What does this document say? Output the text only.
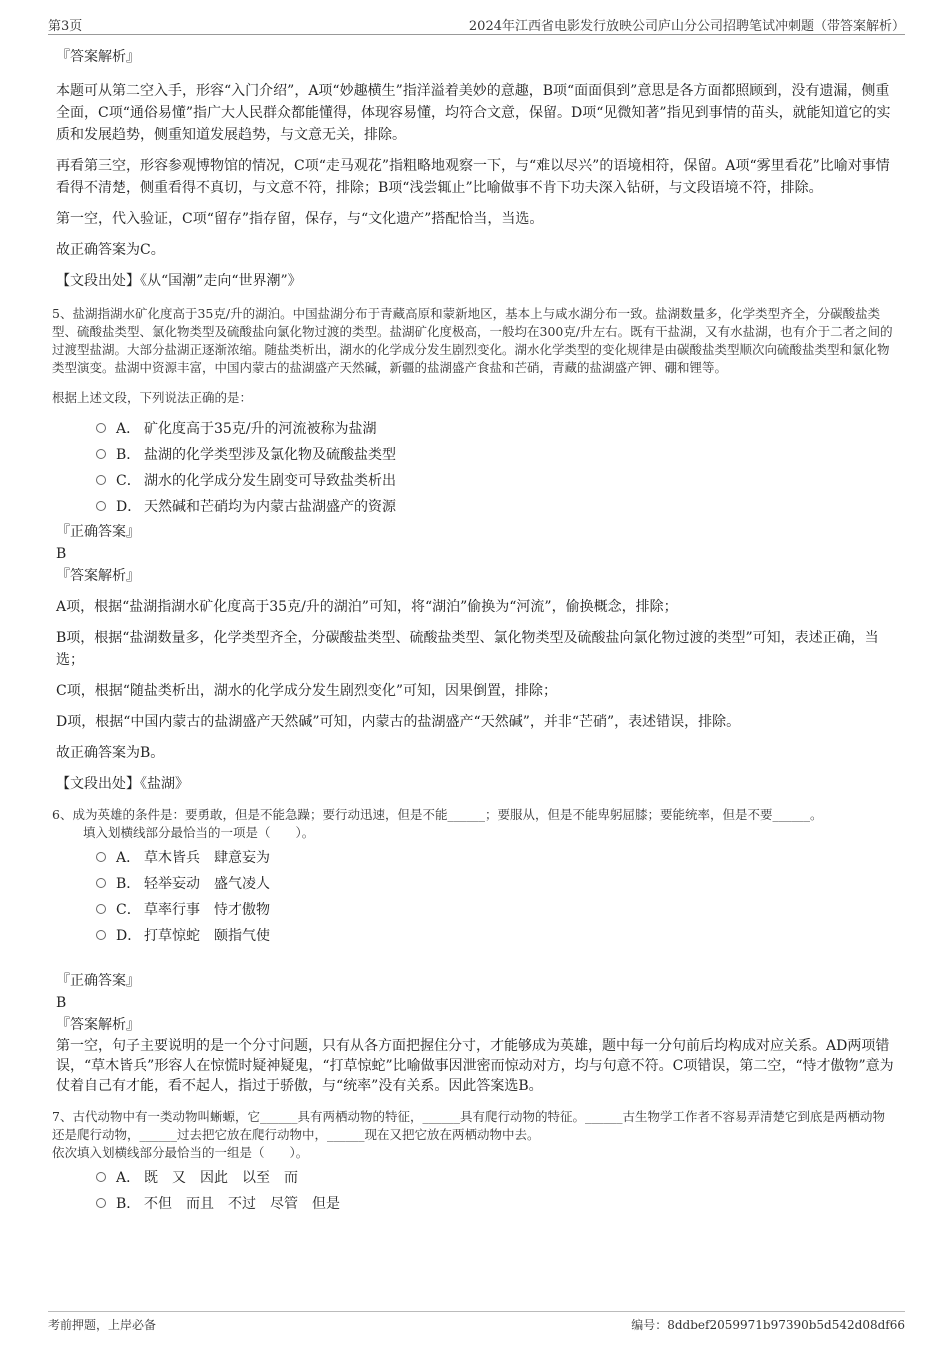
第3页	2024年江西省电影发行放映公司庐山分公司招聘笔试冲刺题（带答案解析）

『答案解析』

本题可从第二空入手，形容“入门介绍”，A项“妙趣横生”指洋溢着美妙的意趣，B项“面面俱到”意思是各方面都照顾到，没有遗漏，侧重全面，C项“通俗易懂”指广大人民群众都能懂得，体现容易懂，均符合文意，保留。D项“见微知著”指见到事情的苗头，就能知道它的实质和发展趋势，侧重知道发展趋势，与文意无关，排除。

再看第三空，形容参观博物馆的情况，C项“走马观花”指粗略地观察一下，与“难以尽兴”的语境相符，保留。A项“雾里看花”比喻对事情看得不清楚，侧重看得不真切，与文意不符，排除；B项“浅尝辄止”比喻做事不肯下功夫深入钻研，与文段语境不符，排除。

第一空，代入验证，C项“留存”指存留，保存，与“文化遗产”搭配恰当，当选。

故正确答案为C。

【文段出处】《从“国潮”走向“世界潮”》

5、盐湖指湖水矿化度高于35克/升的湖泊。中国盐湖分布于青藏高原和蒙新地区，基本上与咸水湖分布一致。盐湖数量多，化学类型齐全，分碳酸盐类型、硫酸盐类型、氯化物类型及硫酸盐向氯化物过渡的类型。盐湖矿化度极高，一般均在300克/升左右。既有干盐湖，又有水盐湖，也有介于二者之间的过渡型盐湖。大部分盐湖正逐渐浓缩。随盐类析出，湖水的化学成分发生剧烈变化。湖水化学类型的变化规律是由碳酸盐类型顺次向硫酸盐类型和氯化物类型演变。盐湖中资源丰富，中国内蒙古的盐湖盛产天然碱，新疆的盐湖盛产食盐和芒硝，青藏的盐湖盛产钾、硼和锂等。

根据上述文段，下列说法正确的是：

A． 矿化度高于35克/升的河流被称为盐湖
B． 盐湖的化学类型涉及氯化物及硫酸盐类型
C． 湖水的化学成分发生剧变可导致盐类析出
D． 天然碱和芒硝均为内蒙古盐湖盛产的资源

『正确答案』

B

『答案解析』

A项，根据“盐湖指湖水矿化度高于35克/升的湖泊”可知，将“湖泊”偷换为“河流”，偷换概念，排除；

B项，根据“盐湖数量多，化学类型齐全，分碳酸盐类型、硫酸盐类型、氯化物类型及硫酸盐向氯化物过渡的类型”可知，表述正确，当选；

C项，根据“随盐类析出，湖水的化学成分发生剧烈变化”可知，因果倒置，排除；

D项，根据“中国内蒙古的盐湖盛产天然碱”可知，内蒙古的盐湖盛产“天然碱”，并非“芒硝”，表述错误，排除。

故正确答案为B。

【文段出处】《盐湖》

6、成为英雄的条件是：要勇敢，但是不能急躁；要行动迅速，但是不能______；要服从，但是不能卑躬屈膝；要能统率，但是不要______。

填入划横线部分最恰当的一项是（　　）。

A． 草木皆兵　肆意妄为
B． 轻举妄动　盛气凌人
C． 草率行事　恃才傲物
D． 打草惊蛇　颐指气使

『正确答案』

B

『答案解析』

第一空，句子主要说明的是一个分寸问题，只有从各方面把握住分寸，才能够成为英雄，题中每一分句前后均构成对应关系。AD两项错误，“草木皆兵”形容人在惊慌时疑神疑鬼，“打草惊蛇”比喻做事因泄密而惊动对方，均与句意不符。C项错误，第二空，“恃才傲物”意为仗着自己有才能，看不起人，指过于骄傲，与“统率”没有关系。因此答案选B。

7、古代动物中有一类动物叫蜥螈，它______具有两栖动物的特征，______具有爬行动物的特征。______古生物学工作者不容易弄清楚它到底是两栖动物还是爬行动物，______过去把它放在爬行动物中，______现在又把它放在两栖动物中去。

依次填入划横线部分最恰当的一组是（　　）。

A． 既　又　因此　以至　而
B． 不但　而且　不过　尽管　但是
考前押题，上岸必备	编号：8ddbef2059971b97390b5d542d08df66
